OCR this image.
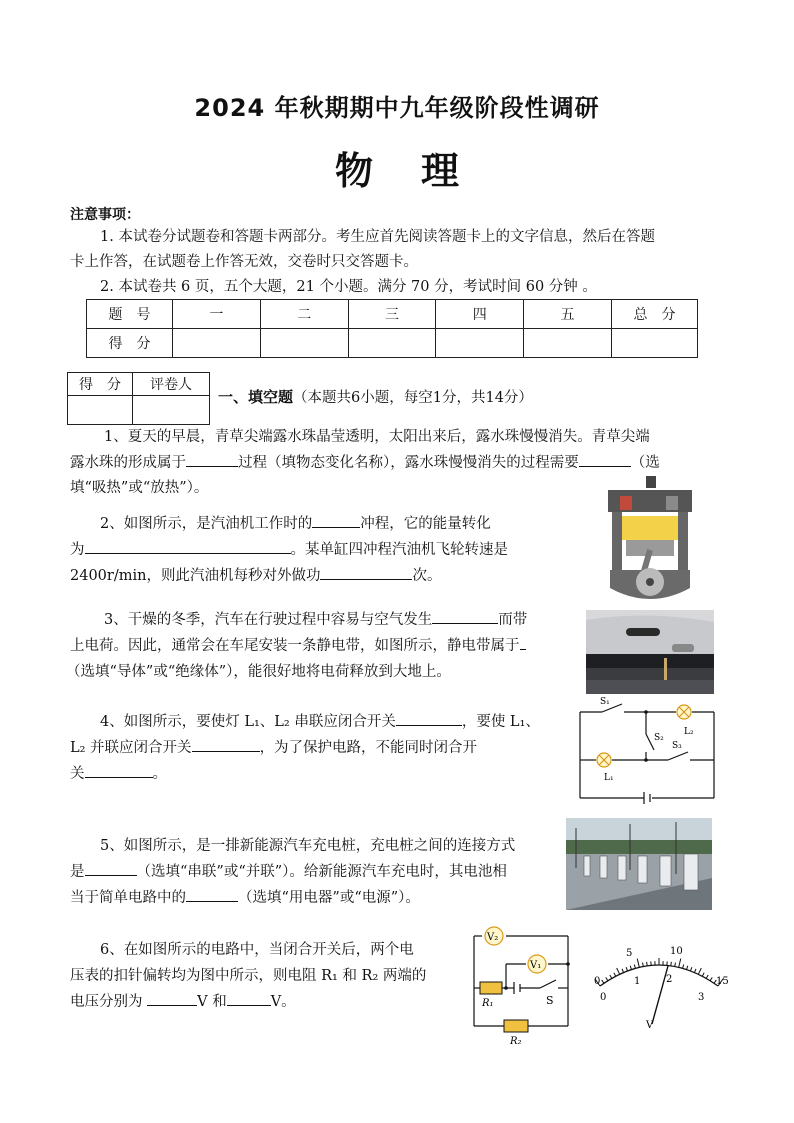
2024 年秋期期中九年级阶段性调研
物理
注意事项：
1. 本试卷分试题卷和答题卡两部分。考生应首先阅读答题卡上的文字信息，然后在答题
卡上作答，在试题卷上作答无效，交卷时只交答题卡。
2. 本试卷共 6 页，五个大题，21 个小题。满分 70 分，考试时间 60 分钟 。
题　号	一	二	三	四	五	总　分
得　分						
得　分	评卷人

一、填空题（本题共6小题，每空1分，共14分）
1、夏天的早晨，青草尖端露水珠晶莹透明，太阳出来后，露水珠慢慢消失。青草尖端
露水珠的形成属于	过程（填物态变化名称），露水珠慢慢消失的过程需要	（选
填“吸热”或“放热”）。
2、如图所示，是汽油机工作时的	冲程，它的能量转化
为	。某单缸四冲程汽油机飞轮转速是
2400r/min，则此汽油机每秒对外做功	次。
3、干燥的冬季，汽车在行驶过程中容易与空气发生	而带
上电荷。因此，通常会在车尾安装一条静电带，如图所示，静电带属于
（选填“导体”或“绝缘体”），能很好地将电荷释放到大地上。
4、如图所示，要使灯 L₁、L₂ 串联应闭合开关	，要使 L₁、
L₂ 并联应闭合开关	，为了保护电路，不能同时闭合开
关	。
S₁
S₂
S₃
L₂
L₁
5、如图所示，是一排新能源汽车充电桩，充电桩之间的连接方式
是	（选填“串联”或“并联”）。给新能源汽车充电时，其电池相
当于简单电路中的	（选填“用电器”或“电源”）。
6、在如图所示的电路中，当闭合开关后，两个电
压表的扣针偏转均为图中所示，则电阻 R₁ 和 R₂ 两端的
电压分别为	V 和	V。
V₂
V₁
R₁
R₂
S
5	10
0	15
0
1	2
3
V
